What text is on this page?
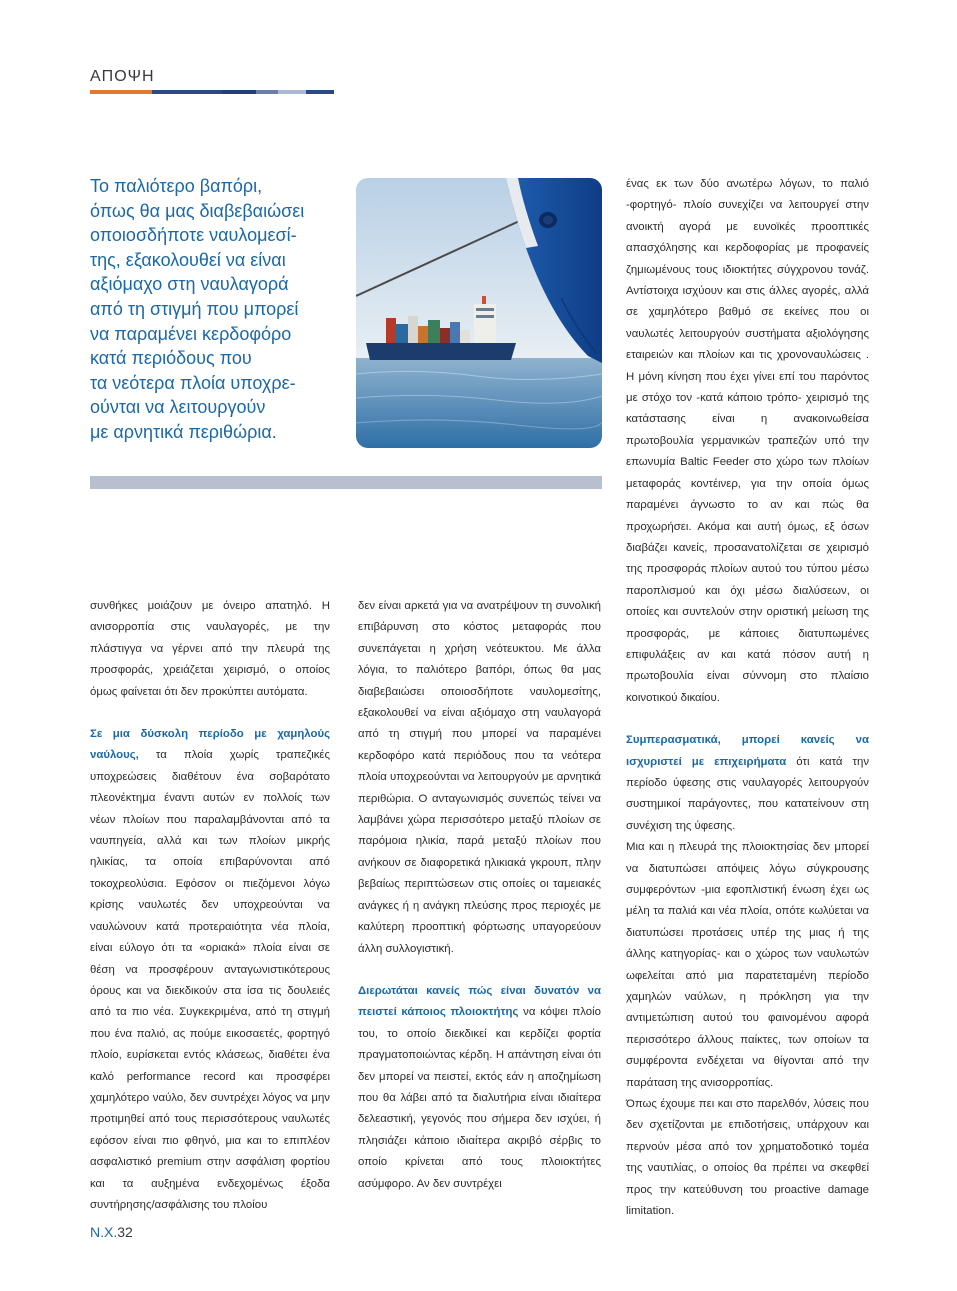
ΑΠΟΨΗ
Το παλιότερο βαπόρι,
όπως θα μας διαβεβαιώσει
οποιοσδήποτε ναυλομεσί-
της, εξακολουθεί να είναι
αξιόμαχο στη ναυλαγορά
από τη στιγμή που μπορεί
να παραμένει κερδοφόρο
κατά περιόδους που
τα νεότερα πλοία υποχρε-
ούνται να λειτουργούν
με αρνητικά περιθώρια.

συνθήκες μοιάζουν με όνειρο απατηλό. Η ανισορροπία στις ναυλαγορές, με την πλάστιγγα να γέρνει από την πλευρά της προσφοράς, χρειάζεται χειρισμό, ο οποίος όμως φαίνεται ότι δεν προκύπτει αυτόματα.

Σε μια δύσκολη περίοδο με χαμηλούς ναύλους, τα πλοία χωρίς τραπεζικές υποχρεώσεις διαθέτουν ένα σοβαρότατο πλεονέκτημα έναντι αυτών εν πολλοίς των νέων πλοίων που παραλαμβάνονται από τα ναυπηγεία, αλλά και των πλοίων μικρής ηλικίας, τα οποία επιβαρύνονται από τοκοχρεολύσια. Εφόσον οι πιεζόμενοι λόγω κρίσης ναυλωτές δεν υποχρεούνται να ναυλώνουν κατά προτεραιότητα νέα πλοία, είναι εύλογο ότι τα «οριακά» πλοία είναι σε θέση να προσφέρουν ανταγωνιστικότερους όρους και να διεκδικούν στα ίσα τις δουλειές από τα πιο νέα. Συγκεκριμένα, από τη στιγμή που ένα παλιό, ας πούμε εικοσαετές, φορτηγό πλοίο, ευρίσκεται εντός κλάσεως, διαθέτει ένα καλό performance record και προσφέρει χαμηλότερο ναύλο, δεν συντρέχει λόγος να μην προτιμηθεί από τους περισσότερους ναυλωτές εφόσον είναι πιο φθηνό, μια και το επιπλέον ασφαλιστικό premium στην ασφάλιση φορτίου και τα αυξημένα ενδεχομένως έξοδα συντήρησης/ασφάλισης του πλοίου

δεν είναι αρκετά για να ανατρέψουν τη συνολική επιβάρυνση στο κόστος μεταφοράς που συνεπάγεται η χρήση νεότευκτου. Με άλλα λόγια, το παλιότερο βαπόρι, όπως θα μας διαβεβαιώσει οποιοσδήποτε ναυλομεσίτης, εξακολουθεί να είναι αξιόμαχο στη ναυλαγορά από τη στιγμή που μπορεί να παραμένει κερδοφόρο κατά περιόδους που τα νεότερα πλοία υποχρεούνται να λειτουργούν με αρνητικά περιθώρια. Ο ανταγωνισμός συνεπώς τείνει να λαμβάνει χώρα περισσότερο μεταξύ πλοίων σε παρόμοια ηλικία, παρά μεταξύ πλοίων που ανήκουν σε διαφορετικά ηλικιακά γκρουπ, πλην βεβαίως περιπτώσεων στις οποίες οι ταμειακές ανάγκες ή η ανάγκη πλεύσης προς περιοχές με καλύτερη προοπτική φόρτωσης υπαγορεύουν άλλη συλλογιστική.

Διερωτάται κανείς πώς είναι δυνατόν να πειστεί κάποιος πλοιοκτήτης να κόψει πλοίο του, το οποίο διεκδικεί και κερδίζει φορτία πραγματοποιώντας κέρδη. Η απάντηση είναι ότι δεν μπορεί να πειστεί, εκτός εάν η αποζημίωση που θα λάβει από τα διαλυτήρια είναι ιδιαίτερα δελεαστική, γεγονός που σήμερα δεν ισχύει, ή πλησιάζει κάποιο ιδιαίτερα ακριβό σέρβις το οποίο κρίνεται από τους πλοιοκτήτες ασύμφορο. Αν δεν συντρέχει

ένας εκ των δύο ανωτέρω λόγων, το παλιό -φορτηγό- πλοίο συνεχίζει να λειτουργεί στην ανοικτή αγορά με ευνοϊκές προοπτικές απασχόλησης και κερδοφορίας με προφανείς ζημιωμένους τους ιδιοκτήτες σύγχρονου τονάζ. Αντίστοιχα ισχύουν και στις άλλες αγορές, αλλά σε χαμηλότερο βαθμό σε εκείνες που οι ναυλωτές λειτουργούν συστήματα αξιολόγησης εταιρειών και πλοίων και τις χρονοναυλώσεις . Η μόνη κίνηση που έχει γίνει επί του παρόντος με στόχο τον -κατά κάποιο τρόπο- χειρισμό της κατάστασης είναι η ανακοινωθείσα πρωτοβουλία γερμανικών τραπεζών υπό την επωνυμία Baltic Feeder στο χώρο των πλοίων μεταφοράς κοντέινερ, για την οποία όμως παραμένει άγνωστο το αν και πώς θα προχωρήσει. Ακόμα και αυτή όμως, εξ όσων διαβάζει κανείς, προσανατολίζεται σε χειρισμό της προσφοράς πλοίων αυτού του τύπου μέσω παροπλισμού και όχι μέσω διαλύσεων, οι οποίες και συντελούν στην οριστική μείωση της προσφοράς, με κάποιες διατυπωμένες επιφυλάξεις αν και κατά πόσον αυτή η πρωτοβουλία είναι σύννομη στο πλαίσιο κοινοτικού δικαίου.

Συμπερασματικά, μπορεί κανείς να ισχυριστεί με επιχειρήματα ότι κατά την περίοδο ύφεσης στις ναυλαγορές λειτουργούν συστημικοί παράγοντες, που κατατείνουν στη συνέχιση της ύφεσης.

Μια και η πλευρά της πλοιοκτησίας δεν μπορεί να διατυπώσει απόψεις λόγω σύγκρουσης συμφερόντων -μια εφοπλιστική ένωση έχει ως μέλη τα παλιά και νέα πλοία, οπότε κωλύεται να διατυπώσει προτάσεις υπέρ της μιας ή της άλλης κατηγορίας- και ο χώρος των ναυλωτών ωφελείται από μια παρατεταμένη περίοδο χαμηλών ναύλων, η πρόκληση για την αντιμετώπιση αυτού του φαινομένου αφορά περισσότερο άλλους παίκτες, των οποίων τα συμφέροντα ενδέχεται να θίγονται από την παράταση της ανισορροπίας.

Όπως έχουμε πει και στο παρελθόν, λύσεις που δεν σχετίζονται με επιδοτήσεις, υπάρχουν και περνούν μέσα από τον χρηματοδοτικό τομέα της ναυτιλίας, ο οποίος θα πρέπει να σκεφθεί προς την κατεύθυνση του proactive damage limitation.

Ν.Χ.32
